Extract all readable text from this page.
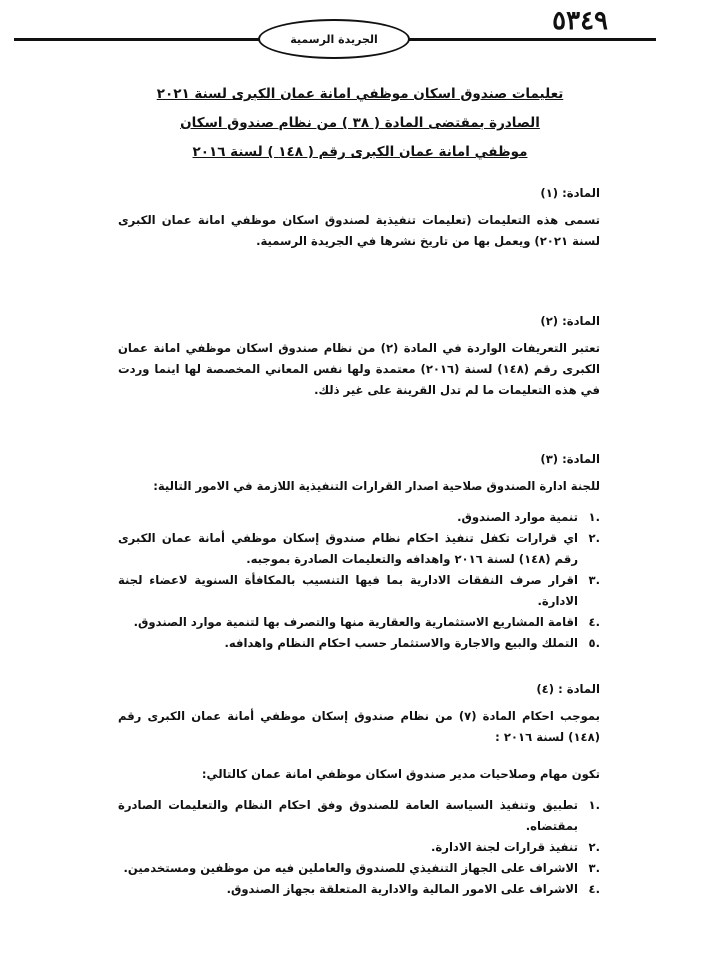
الجريدة الرسمية
٥٣٤٩
تعليمات صندوق اسكان موظفي امانة عمان الكبرى لسنة ٢٠٢١
الصادرة بمقتضى المادة ( ٣٨ ) من نظام صندوق اسكان
موظفي امانة عمان الكبرى رقم ( ١٤٨ ) لسنة ٢٠١٦
المادة: (١)

تسمى هذه التعليمات (تعليمات تنفيذية لصندوق اسكان موظفي امانة عمان الكبرى لسنة ٢٠٢١) ويعمل بها من تاريخ نشرها في الجريدة الرسمية.

المادة: (٢)

تعتبر التعريفات الواردة في المادة (٢) من نظام صندوق اسكان موظفي امانة عمان الكبرى رقم (١٤٨) لسنة (٢٠١٦) معتمدة ولها نفس المعاني المخصصة لها اينما وردت في هذه التعليمات ما لم تدل القرينة على غير ذلك.

المادة: (٣)

للجنة ادارة الصندوق صلاحية اصدار القرارات التنفيذية اللازمة في الامور التالية:

.١
تنمية موارد الصندوق.
.٢
اي قرارات تكفل تنفيذ احكام نظام صندوق إسكان موظفي أمانة عمان الكبرى رقم (١٤٨) لسنة ٢٠١٦ واهدافه والتعليمات الصادرة بموجبه.
.٣
اقرار صرف النفقات الادارية بما فيها التنسيب بالمكافأة السنوية لاعضاء لجنة الادارة.
.٤
اقامة المشاريع الاستثمارية والعقارية منها والتصرف بها لتنمية موارد الصندوق.
.٥
التملك والبيع والاجارة والاستثمار حسب احكام النظام واهدافه.
المادة : (٤)

بموجب احكام المادة (٧) من نظام صندوق إسكان موظفي أمانة عمان الكبرى رقم (١٤٨) لسنة ٢٠١٦ :

تكون مهام وصلاحيات مدير صندوق اسكان موظفي امانة عمان كالتالي:

.١
تطبيق وتنفيذ السياسة العامة للصندوق وفق احكام النظام والتعليمات الصادرة بمقتضاه.
.٢
تنفيذ قرارات لجنة الادارة.
.٣
الاشراف على الجهاز التنفيذي للصندوق والعاملين فيه من موظفين ومستخدمين.
.٤
الاشراف على الامور المالية والادارية المتعلقة بجهاز الصندوق.
